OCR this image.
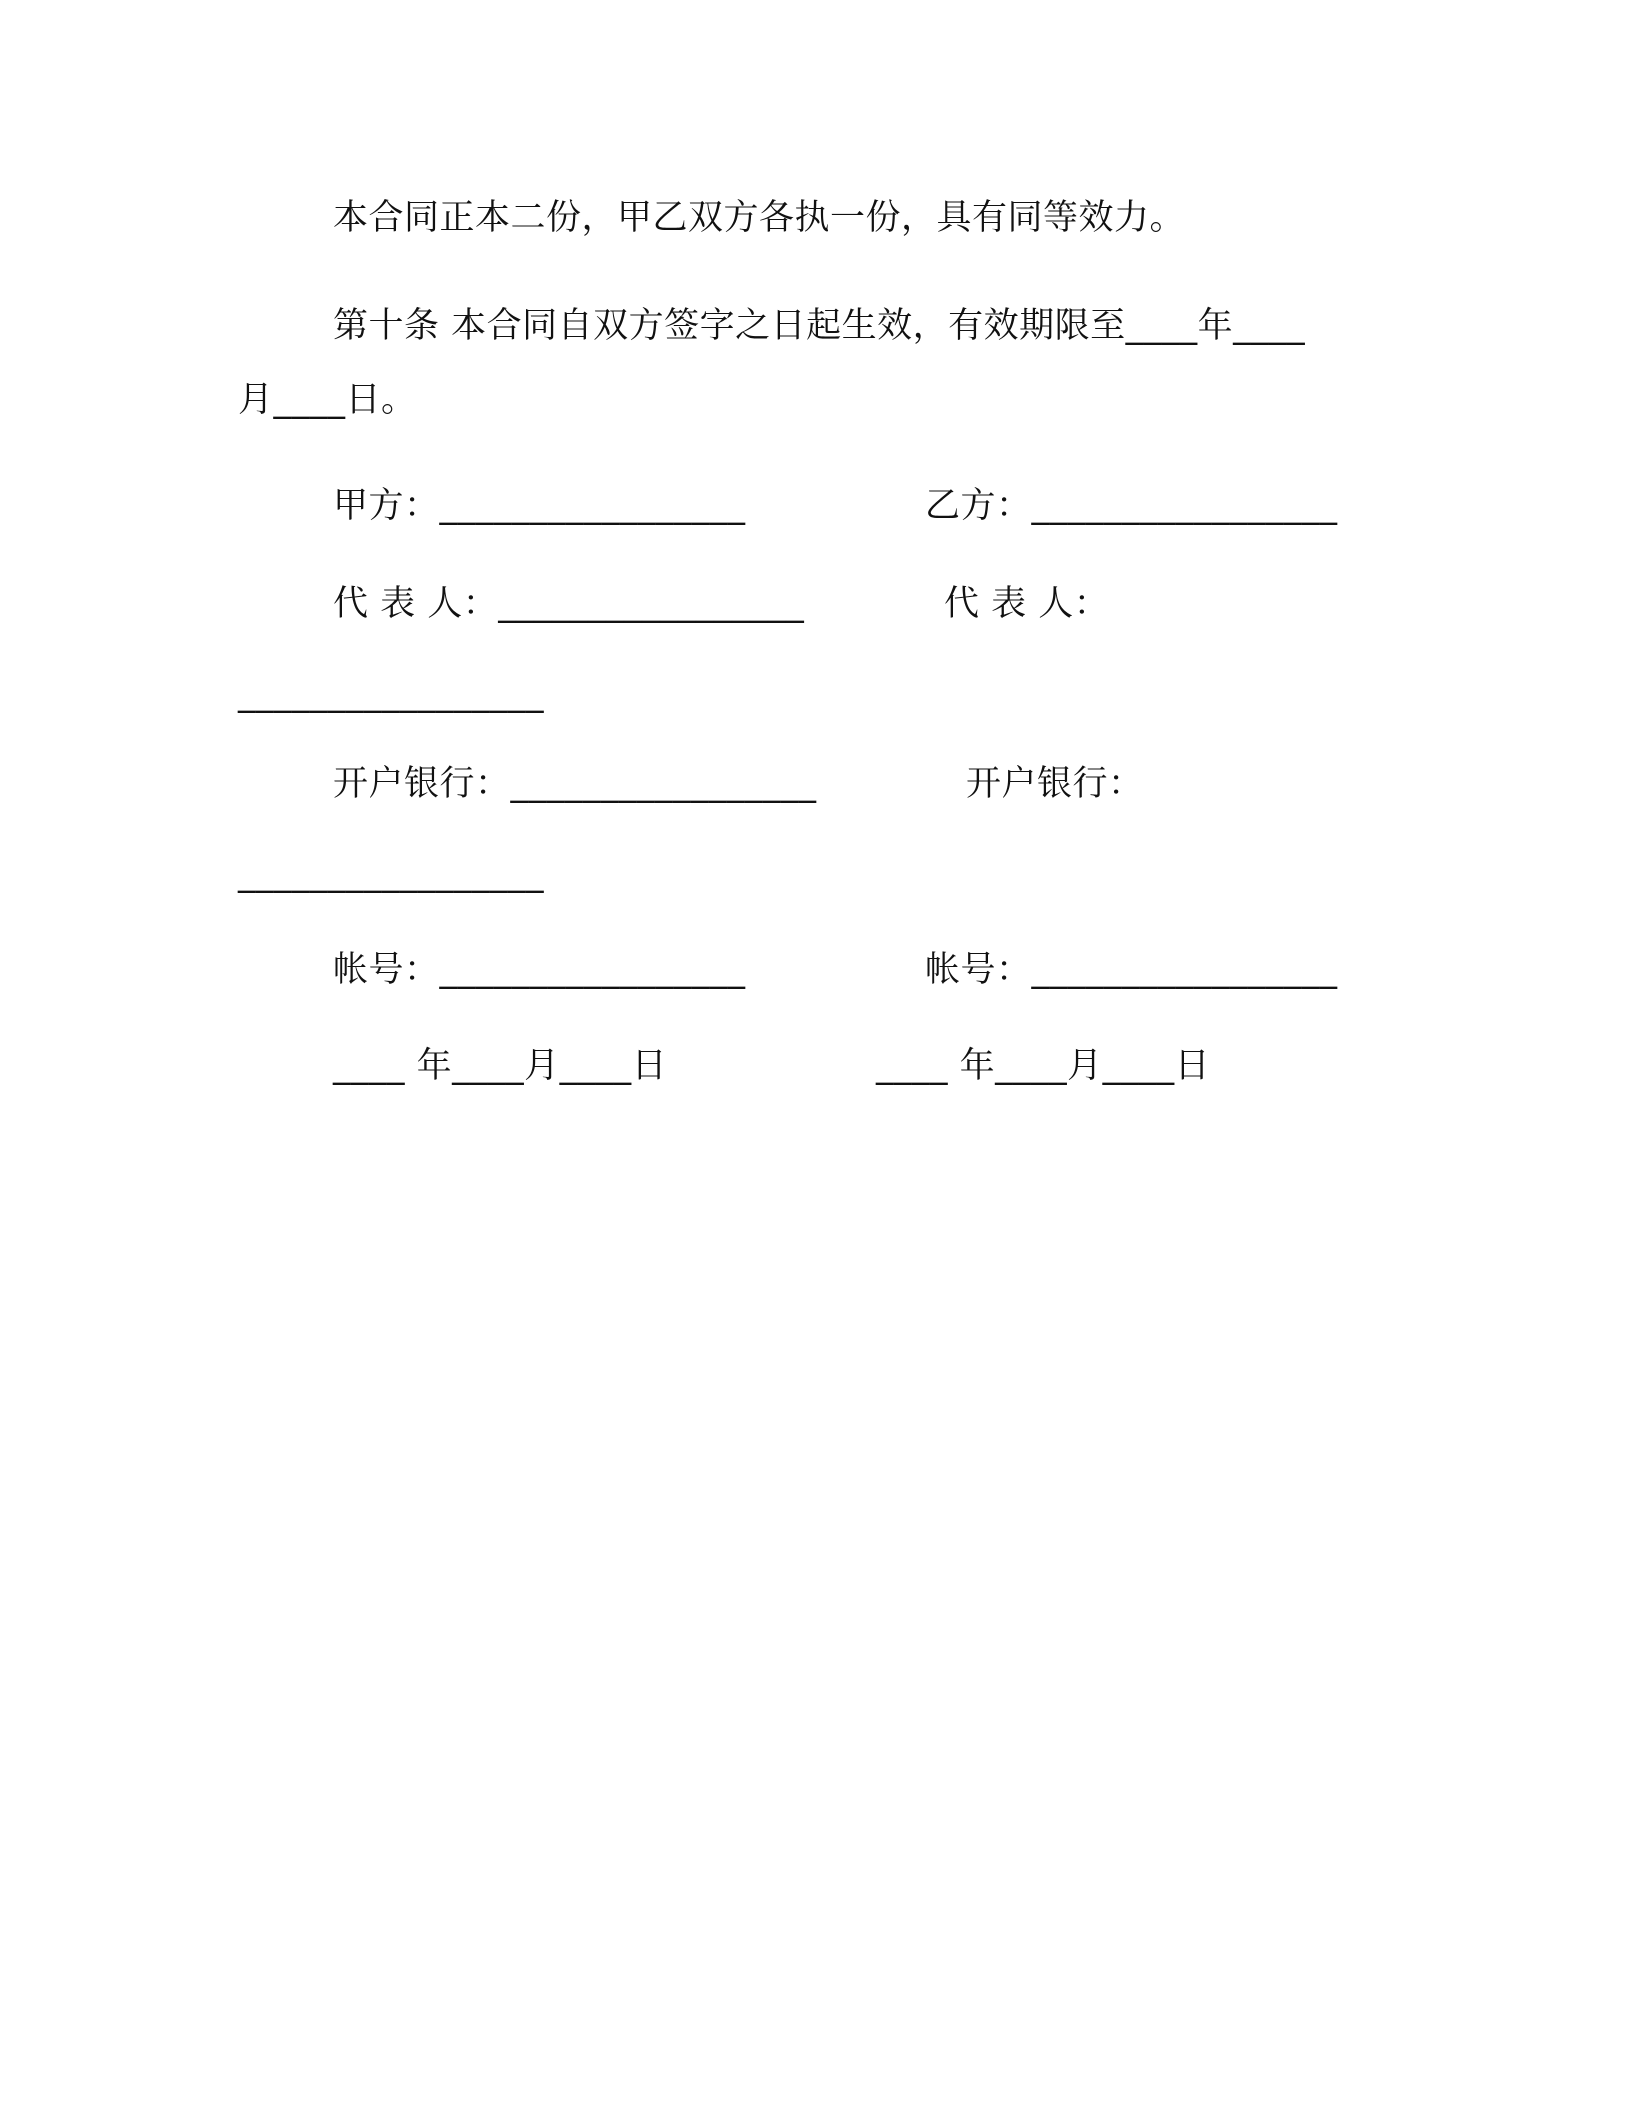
本合同正本二份，甲乙双方各执一份，具有同等效力。
第十条 本合同自双方签字之日起生效，有效期限至____年____
月____日。
甲方：_________________	乙方：_________________
代 表 人：_________________	代 表 人：
_________________
开户银行：_________________	开户银行：
_________________
帐号：_________________	帐号：_________________
____ 年____月____日	____ 年____月____日
